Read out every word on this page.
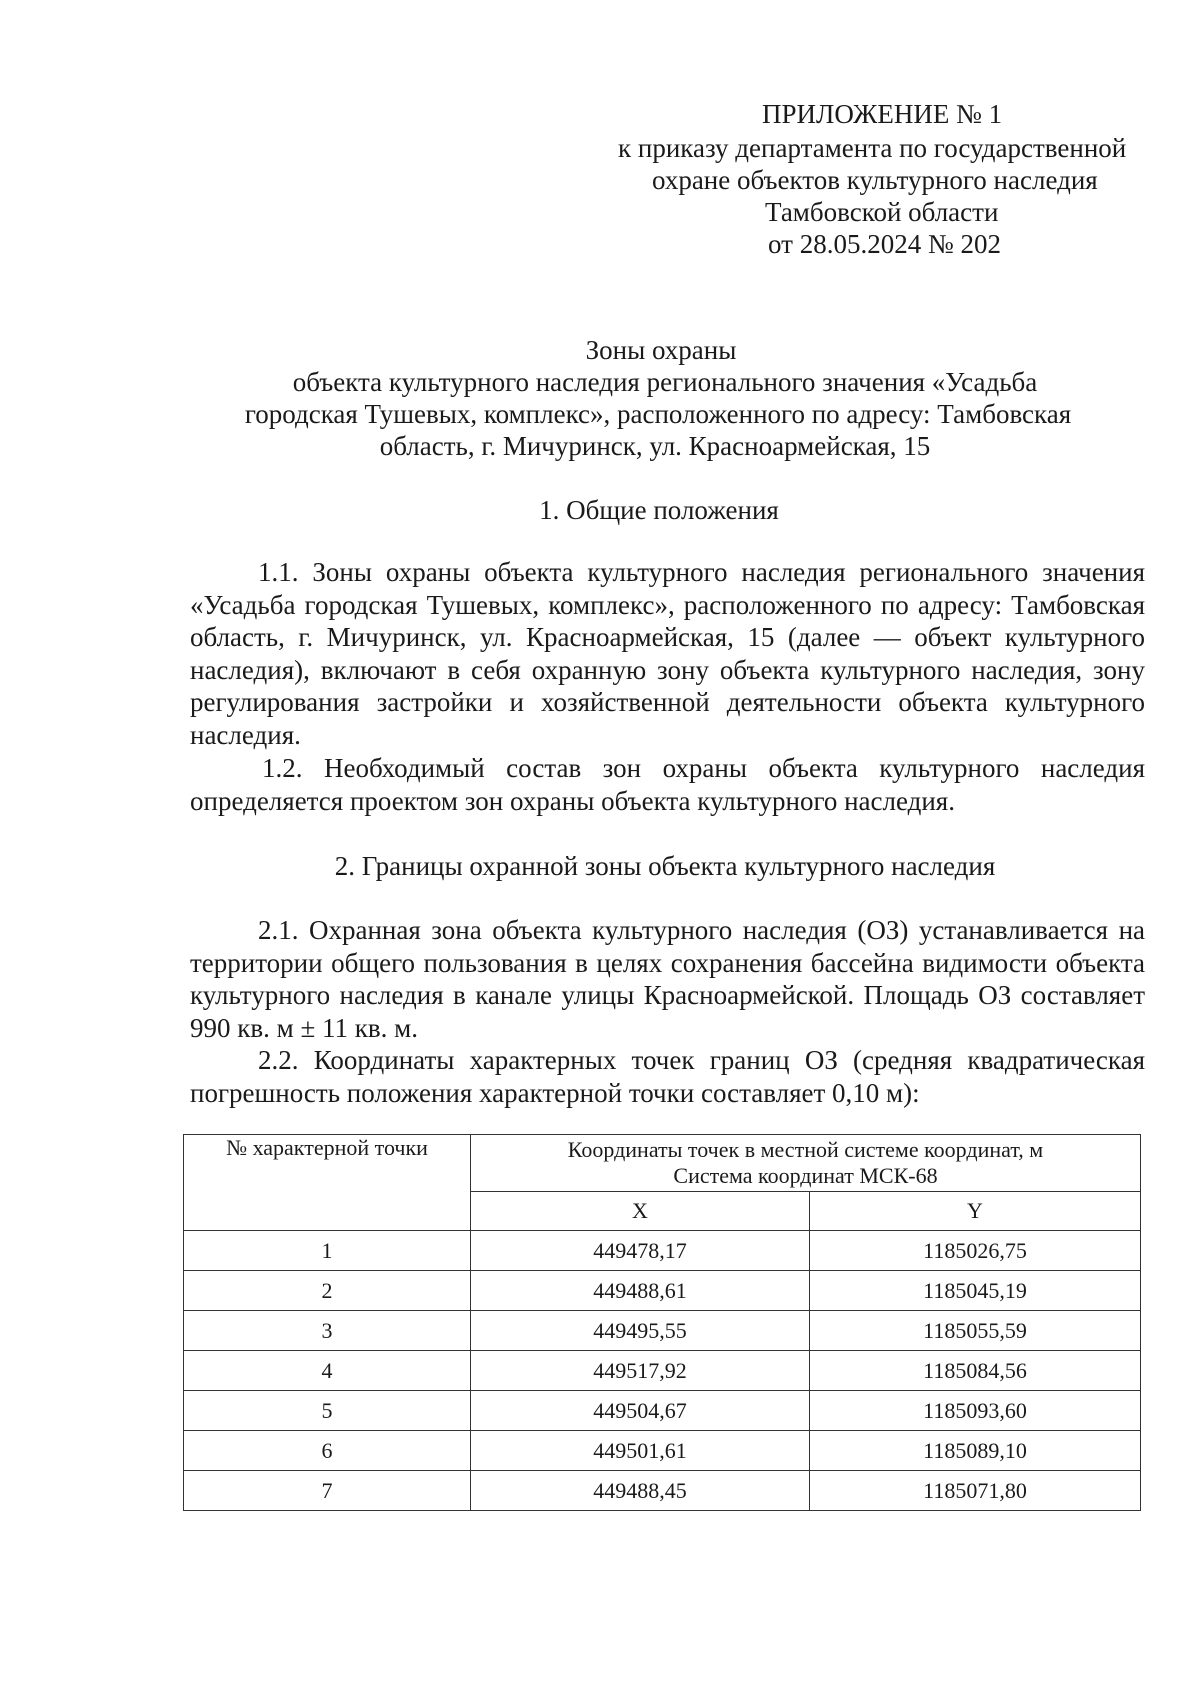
ПРИЛОЖЕНИЕ № 1
к приказу департамента по государственной
охране объектов культурного наследия
Тамбовской области
от 28.05.2024 № 202
Зоны охраны
объекта культурного наследия регионального значения «Усадьба
городская Тушевых, комплекс», расположенного по адресу: Тамбовская
область, г. Мичуринск, ул. Красноармейская, 15
1. Общие положения
1.1. Зоны охраны объекта культурного наследия регионального значения «Усадьба городская Тушевых, комплекс», расположенного по адресу: Тамбовская область, г. Мичуринск, ул. Красноармейская, 15 (далее — объект культурного наследия), включают в себя охранную зону объекта культурного наследия, зону регулирования застройки и хозяйственной деятельности объекта культурного наследия.
1.2. Необходимый состав зон охраны объекта культурного наследия определяется проектом зон охраны объекта культурного наследия.
2. Границы охранной зоны объекта культурного наследия
2.1. Охранная зона объекта культурного наследия (ОЗ) устанавливается на территории общего пользования в целях сохранения бассейна видимости объекта культурного наследия в канале улицы Красноармейской. Площадь ОЗ составляет 990 кв. м ± 11 кв. м.
2.2. Координаты характерных точек границ ОЗ (средняя квадратическая погрешность положения характерной точки составляет 0,10 м):
№ характерной точки	Координаты точек в местной системе координат, м
Система координат МСК-68	
	X	Y
1	449478,17	1185026,75
2	449488,61	1185045,19
3	449495,55	1185055,59
4	449517,92	1185084,56
5	449504,67	1185093,60
6	449501,61	1185089,10
7	449488,45	1185071,80
